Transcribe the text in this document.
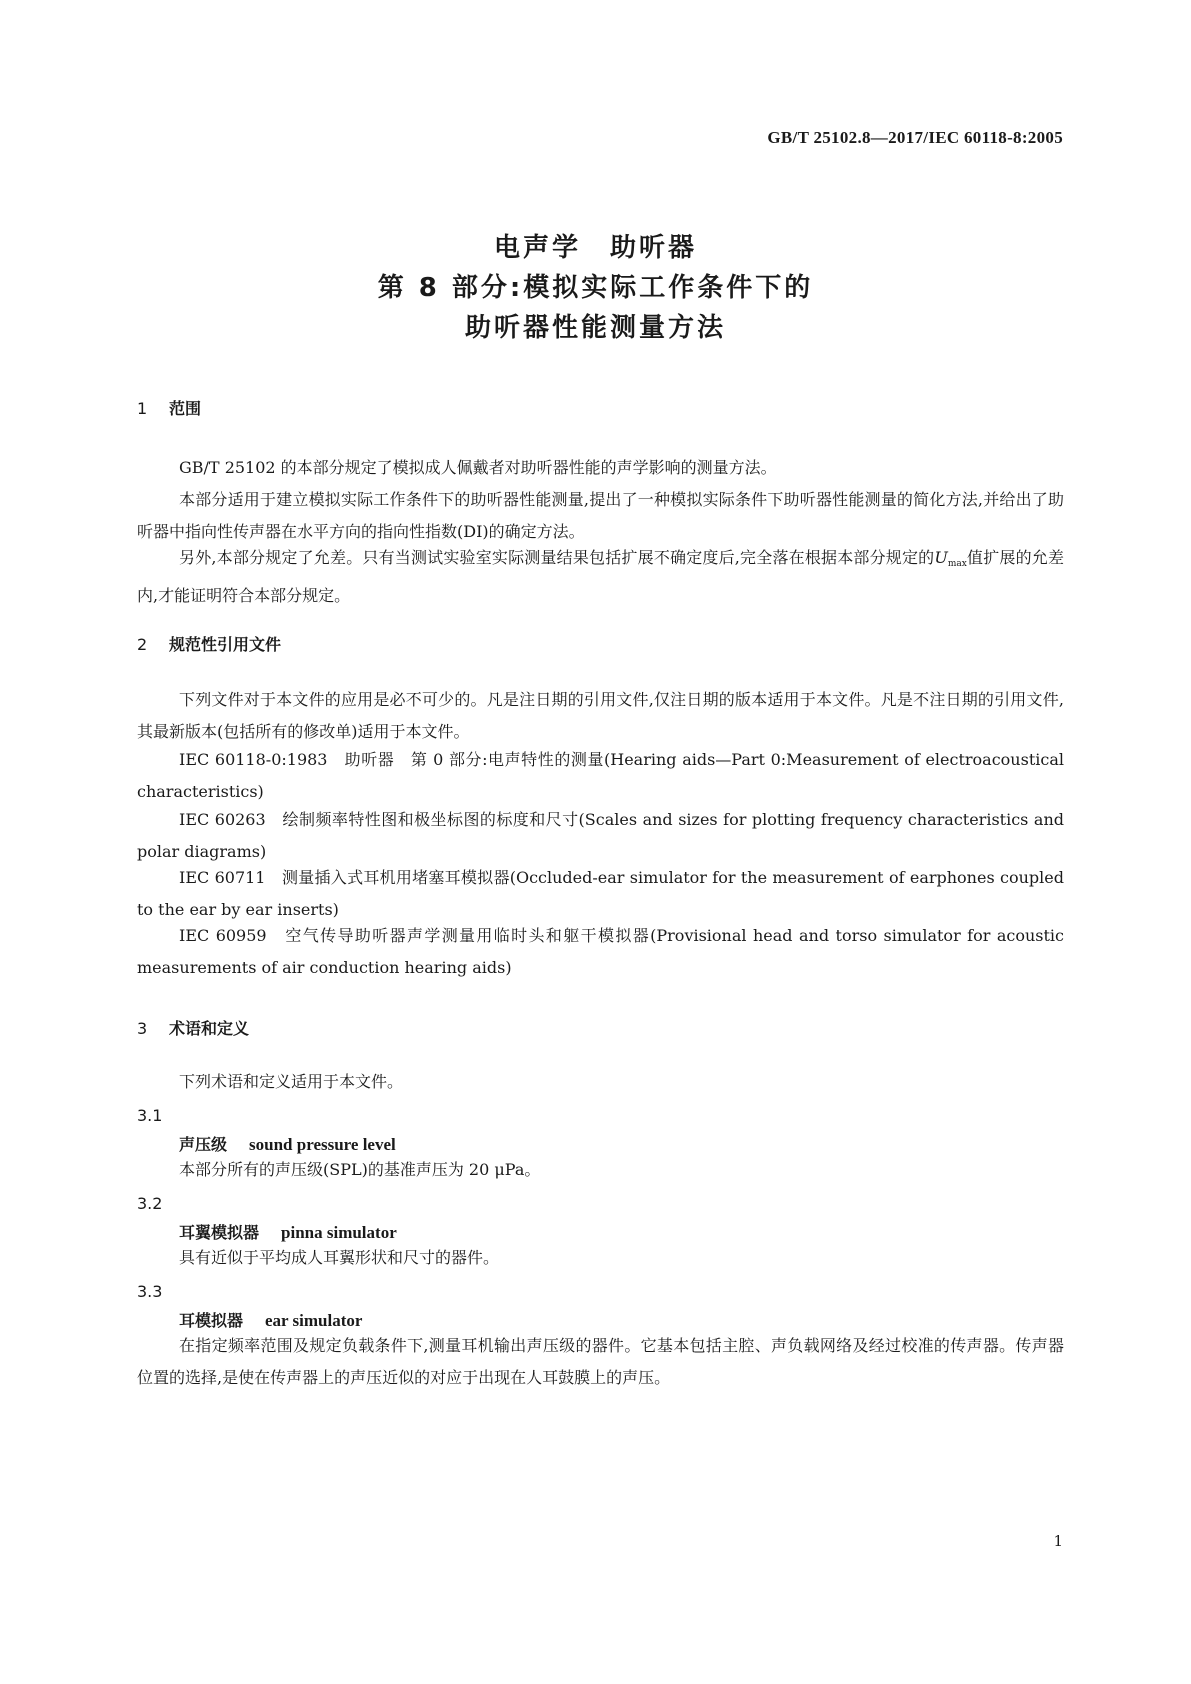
GB/T 25102.8—2017/IEC 60118-8:2005
电声学　助听器
第 8 部分:模拟实际工作条件下的
助听器性能测量方法
1 范围
GB/T 25102 的本部分规定了模拟成人佩戴者对助听器性能的声学影响的测量方法。
本部分适用于建立模拟实际工作条件下的助听器性能测量,提出了一种模拟实际条件下助听器性能测量的简化方法,并给出了助听器中指向性传声器在水平方向的指向性指数(DI)的确定方法。
另外,本部分规定了允差。只有当测试实验室实际测量结果包括扩展不确定度后,完全落在根据本部分规定的$U_{max}$值扩展的允差内,才能证明符合本部分规定。
2 规范性引用文件
下列文件对于本文件的应用是必不可少的。凡是注日期的引用文件,仅注日期的版本适用于本文件。凡是不注日期的引用文件,其最新版本(包括所有的修改单)适用于本文件。
IEC 60118-0:1983　助听器　第 0 部分:电声特性的测量(Hearing aids—Part 0:Measurement of electroacoustical characteristics)
IEC 60263　绘制频率特性图和极坐标图的标度和尺寸(Scales and sizes for plotting frequency characteristics and polar diagrams)
IEC 60711　测量插入式耳机用堵塞耳模拟器(Occluded-ear simulator for the measurement of earphones coupled to the ear by ear inserts)
IEC 60959　空气传导助听器声学测量用临时头和躯干模拟器(Provisional head and torso simulator for acoustic measurements of air conduction hearing aids)
3 术语和定义
下列术语和定义适用于本文件。
3.1
声压级 sound pressure level
本部分所有的声压级(SPL)的基准声压为 20 μPa。
3.2
耳翼模拟器 pinna simulator
具有近似于平均成人耳翼形状和尺寸的器件。
3.3
耳模拟器 ear simulator
在指定频率范围及规定负载条件下,测量耳机输出声压级的器件。它基本包括主腔、声负载网络及经过校准的传声器。传声器位置的选择,是使在传声器上的声压近似的对应于出现在人耳鼓膜上的声压。
1
